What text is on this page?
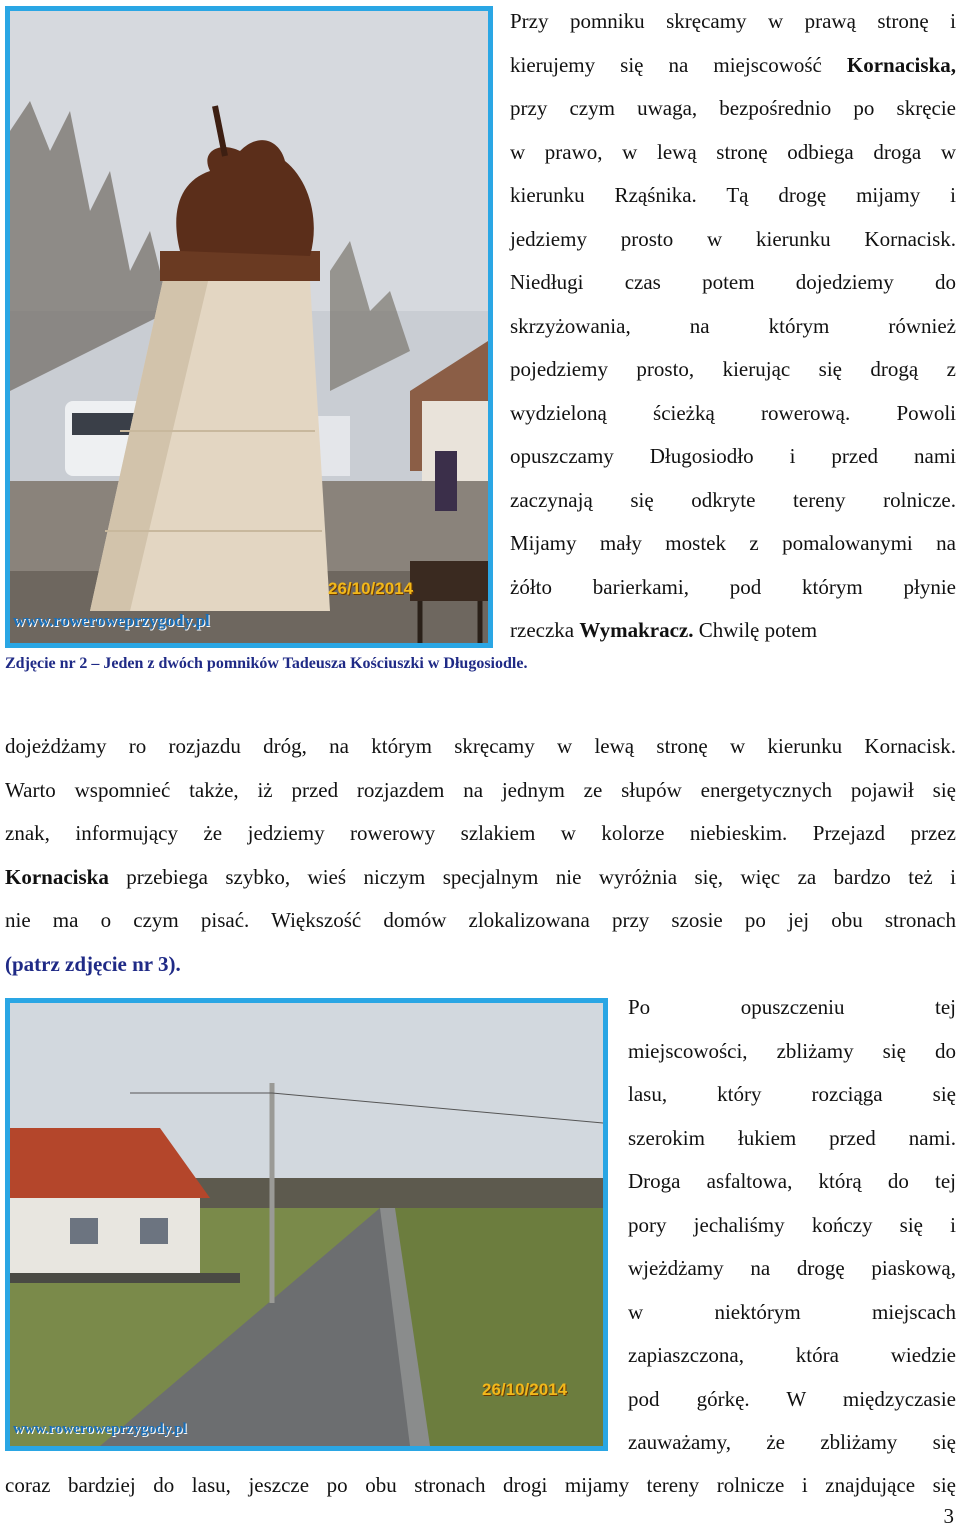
26/10/2014
www.rowerowеprzygody.pl
Zdjęcie nr 2 – Jeden z dwóch pomników Tadeusza Kościuszki w Długosiodle.
Przy pomniku skręcamy w prawą stronę i
kierujemy się na miejscowość Kornaciska,
przy czym uwaga, bezpośrednio po skręcie
w prawo, w lewą stronę odbiega droga w
kierunku Rząśnika. Tą drogę mijamy i
jedziemy prosto w kierunku Kornacisk.
Niedługi czas potem dojedziemy do
skrzyżowania, na którym również
pojedziemy prosto, kierując się drogą z
wydzieloną ścieżką rowerową. Powoli
opuszczamy Długosiodło i przed nami
zaczynają się odkryte tereny rolnicze.
Mijamy mały mostek z pomalowanymi na
żółto barierkami, pod którym płynie
rzeczka Wymakracz. Chwilę potem
dojeżdżamy ro rozjazdu dróg, na którym skręcamy w lewą stronę w kierunku Kornacisk.
Warto wspomnieć także, iż przed rozjazdem na jednym ze słupów energetycznych pojawił się
znak, informujący że jedziemy rowerowy szlakiem w kolorze niebieskim. Przejazd przez
Kornaciska przebiega szybko, wieś niczym specjalnym nie wyróżnia się, więc za bardzo też i
nie ma o czym pisać. Większość domów zlokalizowana przy szosie po jej obu stronach
(patrz zdjęcie nr 3).
26/10/2014
www.rowerowеprzygody.pl
Po opuszczeniu tej
miejscowości, zbliżamy się do
lasu, który rozciąga się
szerokim łukiem przed nami.
Droga asfaltowa, którą do tej
pory jechaliśmy kończy się i
wjeżdżamy na drogę piaskową,
w niektórym miejscach
zapiaszczona, która wiedzie
pod górkę. W międzyczasie
zauważamy, że zbliżamy się
coraz bardziej do lasu, jeszcze po obu stronach drogi mijamy tereny rolnicze i znajdujące się
3
